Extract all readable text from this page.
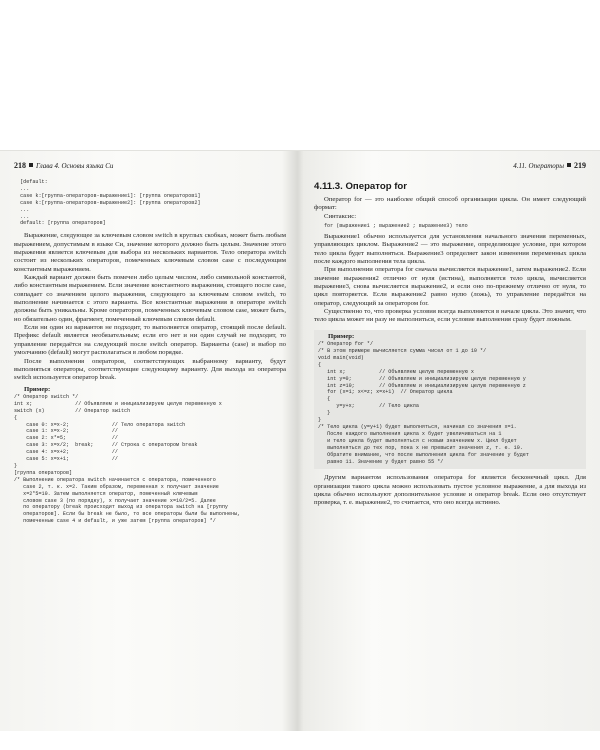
218 Глава 4. Основы языка Си
[default:
...
case k:[группа-операторов-выражение1]: [группа операторов1]
case k:[группа-операторов-выражение2]: [группа операторов2]
...
...
default: [группа операторов]

Выражение, следующее за ключевым словом switch в круглых скобках, может быть любым выражением, допустимым в языке Си, значение которого должно быть целым. Значение этого выражения является ключевым для выбора из нескольких вариантов. Тело оператора switch состоит из нескольких операторов, помеченных ключевым словом case с последующим константным выражением.

Каждый вариант должен быть помечен либо целым числом, либо символьной константой, либо константным выражением. Если значение константного выражения, стоящего после case, совпадает со значением целого выражения, следующего за ключевым словом switch, то выполнение начинается с этого варианта. Все константные выражения в операторе switch должны быть уникальны. Кроме операторов, помеченных ключевым словом case, может быть, но обязательно один, фрагмент, помеченный ключевым словом default.

Если ни один из вариантов не подходит, то выполняется оператор, стоящий после default. Префикс default является необязательным; если его нет и ни один случай не подходит, то управление передаётся на следующий после switch оператор. Варианты (case) и выбор по умолчанию (default) могут располагаться в любом порядке.

После выполнения операторов, соответствующих выбранному варианту, будут выполняться операторы, соответствующие следующему варианту. Для выхода из оператора switch используется оператор break.

Пример:
/* Оператор switch */
int x;              // Объявляем и инициализируем целую переменную x
switch (x)          // Оператор switch
{
case 0: x=x-2;              // Тело оператора switch
case 1: x=x-2;              //
case 2: x*=5;               //
case 3: x=x/2;  break;      // Строка с оператором break
case 4: x=x+2;              //
case 5: x=x+1;              //
}
[группа операторов]
/* Выполнение оператора switch начинается с оператора, помеченного
case 2, т. к. x=2. Таким образом, переменная x получает значение
x=2*5=10. Затем выполняется оператор, помеченный ключевым
словом case 3 (по порядку), x получает значение x=10/2=5. Далее
по оператору (break происходит выход из оператора switch на [группу
операторов]. Если бы break не было, то все операторы были бы выполнены,
помеченные case 4 и default, и уже затем [группа операторов] */
4.11. Операторы 219
4.11.3. Оператор for

Оператор for — это наиболее общий способ организации цикла. Он имеет следующий формат:

Синтаксис:

for (выражение1 ; выражение2 ; выражение3) тело

Выражение1 обычно используется для установления начального значения переменных, управляющих циклом. Выражение2 — это выражение, определяющее условие, при котором тело цикла будет выполняться. Выражение3 определяет закон изменения переменных цикла после каждого выполнения тела цикла.

При выполнении оператора for сначала вычисляется выражение1, затем выражение2. Если значение выражения2 отлично от нуля (истина), выполняется тело цикла, вычисляется выражение3, снова вычисляется выражение2, и если оно по-прежнему отлично от нуля, то цикл повторяется. Если выражение2 равно нулю (ложь), то управление передаётся на оператор, следующий за оператором for.

Существенно то, что проверка условия всегда выполняется в начале цикла. Это значит, что тело цикла может ни разу не выполниться, если условие выполнения сразу будет ложным.

Пример:
/* Оператор for */
/* В этом примере вычисляется сумма чисел от 1 до 10 */
void main(void)
{
int x;           // Объявляем целую переменную x
int y=0;         // Объявляем и инициализируем целую переменную y
int z=10;        // Объявляем и инициализируем целую переменную z
for (x=1; x<=z; x=x+1)  // Оператор цикла
{
y=y+x;        // Тело цикла
}
}
/* Тело цикла (y=y+1) будет выполняться, начиная со значения x=1.
После каждого выполнения цикла x будет увеличиваться на 1
и тело цикла будет выполняться с новым значением x. Цикл будет
выполняться до тех пор, пока x не превысит значения z, т. е. 10.
Обратите внимание, что после выполнения цикла for значение y будет
равно 11. Значение y будет равно 55 */

Другим вариантом использования оператора for является бесконечный цикл. Для организации такого цикла можно использовать пустое условное выражение, а для выхода из цикла обычно используют дополнительное условие и оператор break. Если оно отсутствует проверка, т. е. выражение2, то считается, что оно всегда истинно.
